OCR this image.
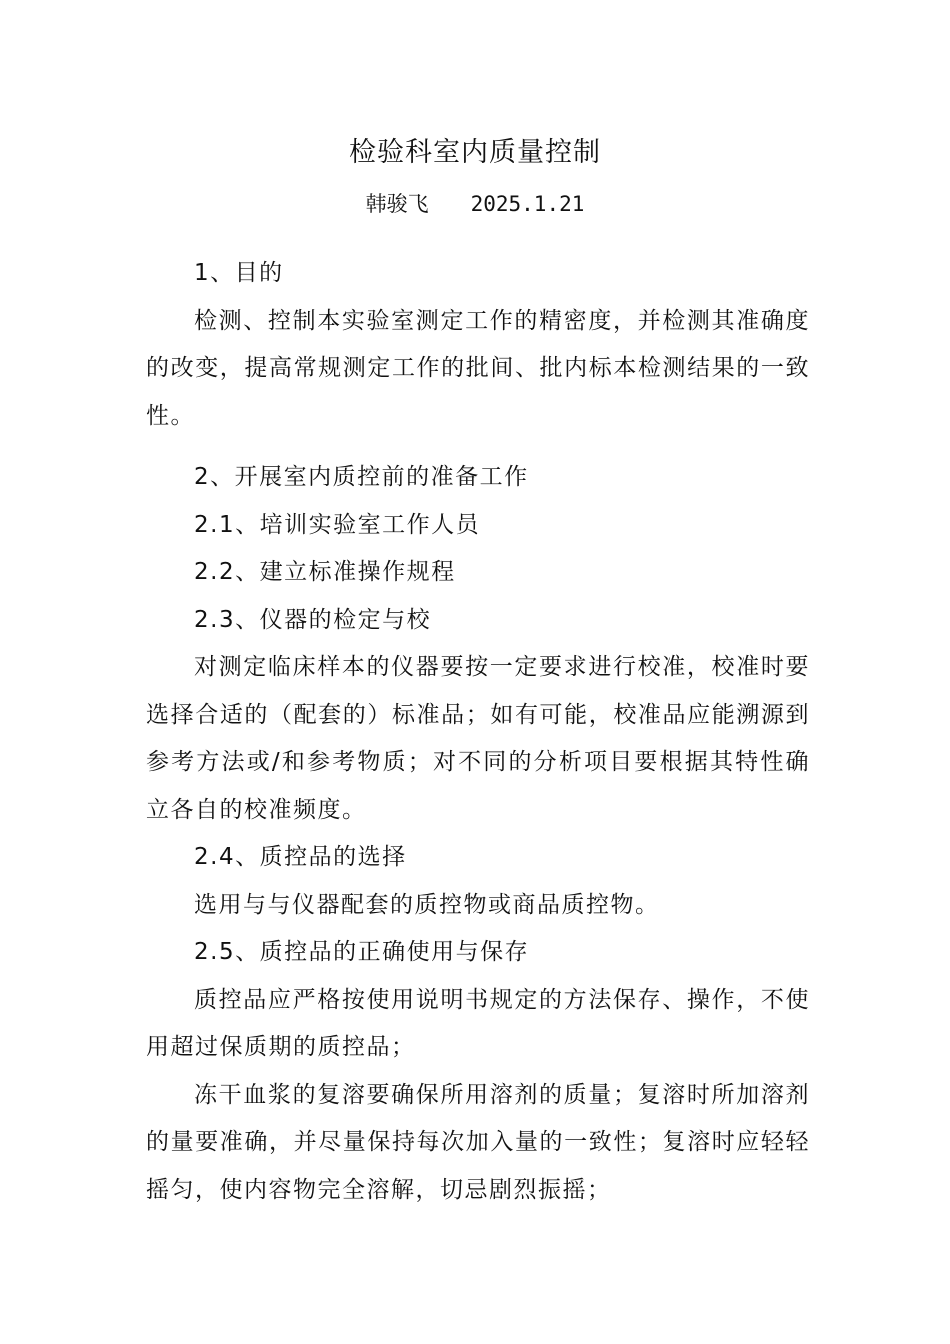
检验科室内质量控制
韩骏飞 2025.1.21

1、目的

检测、控制本实验室测定工作的精密度，并检测其准确度的改变，提高常规测定工作的批间、批内标本检测结果的一致性。

2、开展室内质控前的准备工作

2.1、培训实验室工作人员

2.2、建立标准操作规程

2.3、仪器的检定与校

对测定临床样本的仪器要按一定要求进行校准，校准时要选择合适的（配套的）标准品；如有可能，校准品应能溯源到参考方法或/和参考物质；对不同的分析项目要根据其特性确立各自的校准频度。

2.4、质控品的选择

选用与与仪器配套的质控物或商品质控物。

2.5、质控品的正确使用与保存

质控品应严格按使用说明书规定的方法保存、操作，不使用超过保质期的质控品；

冻干血浆的复溶要确保所用溶剂的质量；复溶时所加溶剂的量要准确，并尽量保持每次加入量的一致性；复溶时应轻轻摇匀，使内容物完全溶解，切忌剧烈振摇；
